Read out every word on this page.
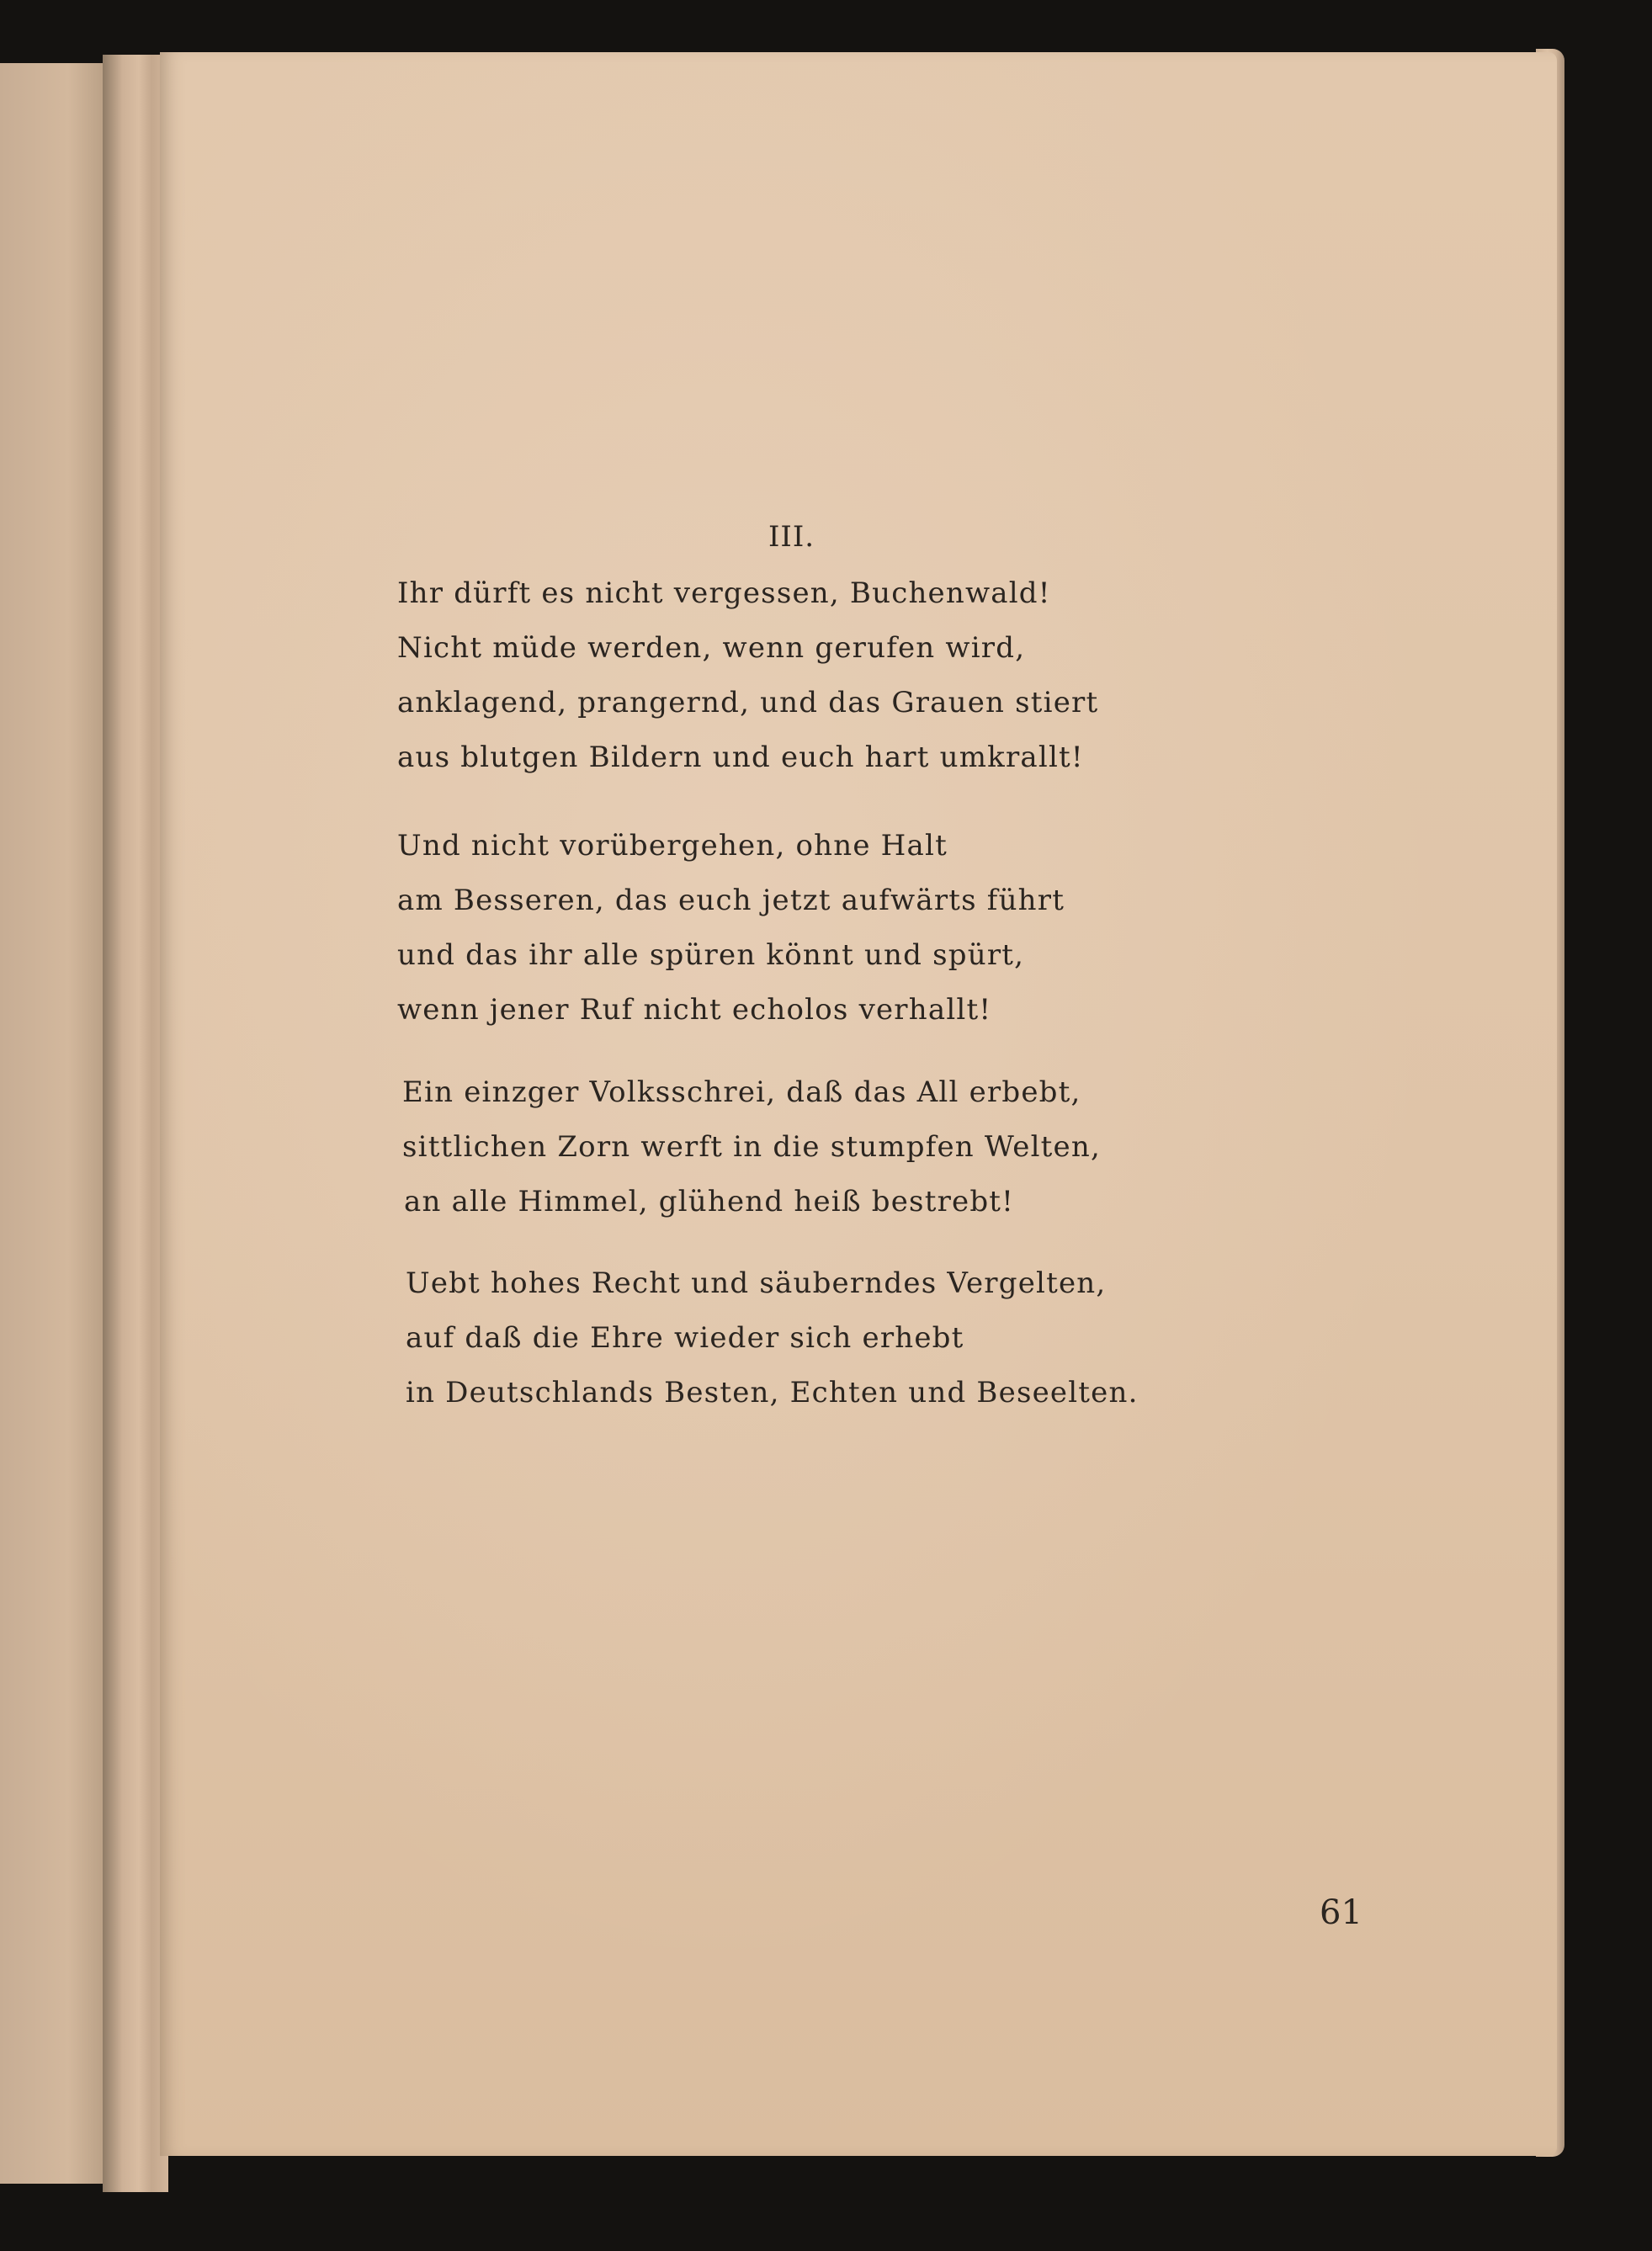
III.
Ihr dürft es nicht vergessen, Buchenwald!
Nicht müde werden, wenn gerufen wird,
anklagend, prangernd, und das Grauen stiert
aus blutgen Bildern und euch hart umkrallt!
Und nicht vorübergehen, ohne Halt
am Besseren, das euch jetzt aufwärts führt
und das ihr alle spüren könnt und spürt,
wenn jener Ruf nicht echolos verhallt!
Ein einzger Volksschrei, daß das All erbebt,
sittlichen Zorn werft in die stumpfen Welten,
an alle Himmel, glühend heiß bestrebt!
Uebt hohes Recht und säuberndes Vergelten,
auf daß die Ehre wieder sich erhebt
in Deutschlands Besten, Echten und Beseelten.
61
